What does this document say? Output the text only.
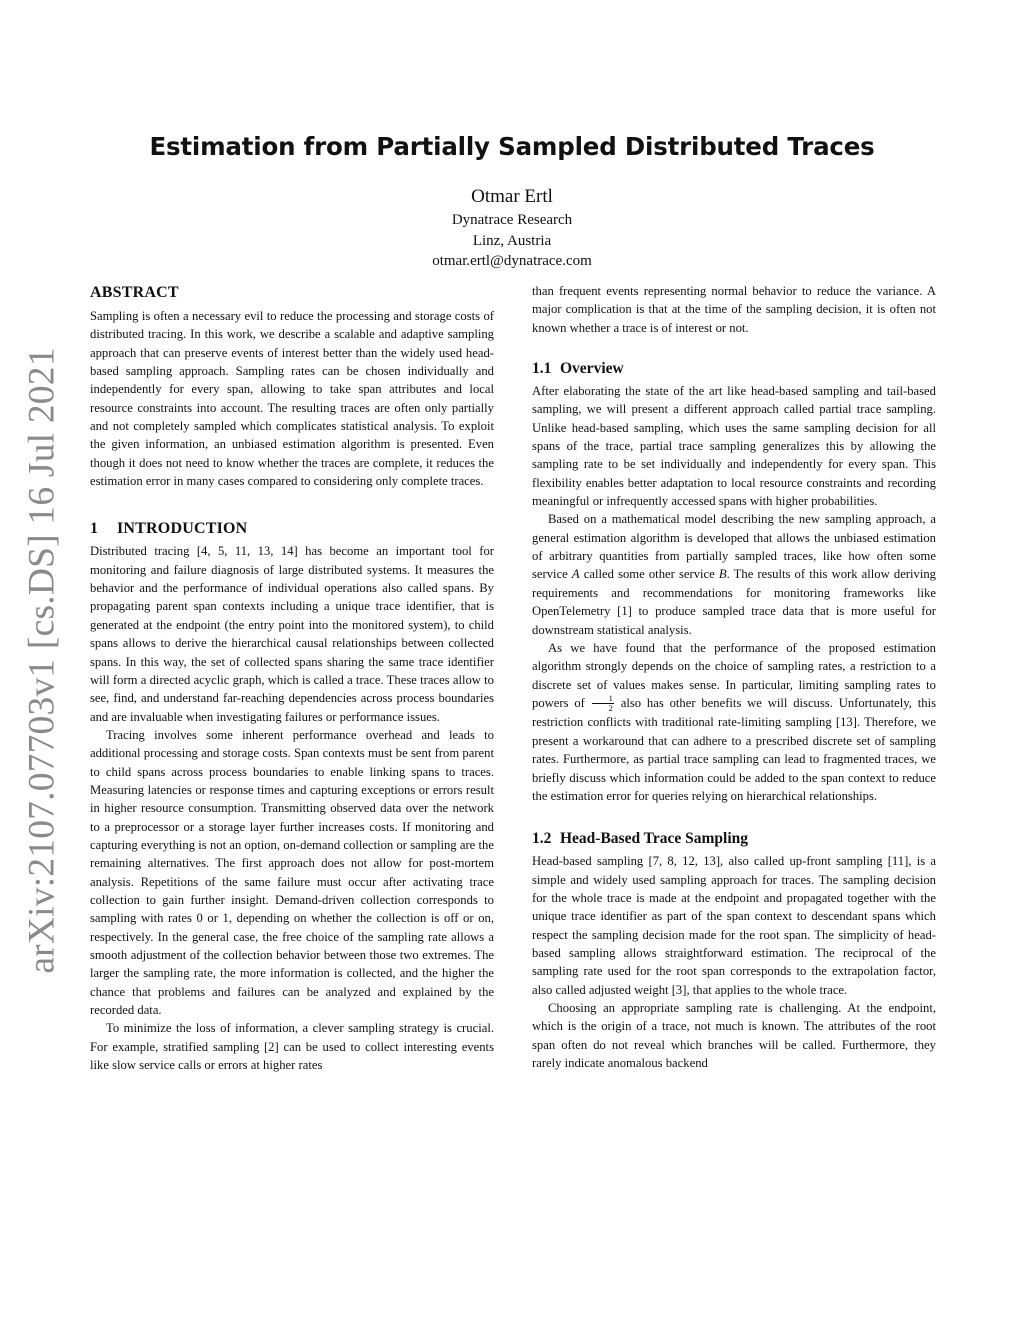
arXiv:2107.07703v1 [cs.DS] 16 Jul 2021
Estimation from Partially Sampled Distributed Traces
Otmar Ertl
Dynatrace Research
Linz, Austria
otmar.ertl@dynatrace.com
ABSTRACT

Sampling is often a necessary evil to reduce the processing and storage costs of distributed tracing. In this work, we describe a scalable and adaptive sampling approach that can preserve events of interest better than the widely used head-based sampling approach. Sampling rates can be chosen individually and independently for every span, allowing to take span attributes and local resource constraints into account. The resulting traces are often only partially and not completely sampled which complicates statistical analysis. To exploit the given information, an unbiased estimation algorithm is presented. Even though it does not need to know whether the traces are complete, it reduces the estimation error in many cases compared to considering only complete traces.

1 INTRODUCTION

Distributed tracing [4, 5, 11, 13, 14] has become an important tool for monitoring and failure diagnosis of large distributed systems. It measures the behavior and the performance of individual operations also called spans. By propagating parent span contexts including a unique trace identifier, that is generated at the endpoint (the entry point into the monitored system), to child spans allows to derive the hierarchical causal relationships between collected spans. In this way, the set of collected spans sharing the same trace identifier will form a directed acyclic graph, which is called a trace. These traces allow to see, find, and understand far-reaching dependencies across process boundaries and are invaluable when investigating failures or performance issues.

Tracing involves some inherent performance overhead and leads to additional processing and storage costs. Span contexts must be sent from parent to child spans across process boundaries to enable linking spans to traces. Measuring latencies or response times and capturing exceptions or errors result in higher resource consumption. Transmitting observed data over the network to a preprocessor or a storage layer further increases costs. If monitoring and capturing everything is not an option, on-demand collection or sampling are the remaining alternatives. The first approach does not allow for post-mortem analysis. Repetitions of the same failure must occur after activating trace collection to gain further insight. Demand-driven collection corresponds to sampling with rates 0 or 1, depending on whether the collection is off or on, respectively. In the general case, the free choice of the sampling rate allows a smooth adjustment of the collection behavior between those two extremes. The larger the sampling rate, the more information is collected, and the higher the chance that problems and failures can be analyzed and explained by the recorded data.

To minimize the loss of information, a clever sampling strategy is crucial. For example, stratified sampling [2] can be used to collect interesting events like slow service calls or errors at higher rates

than frequent events representing normal behavior to reduce the variance. A major complication is that at the time of the sampling decision, it is often not known whether a trace is of interest or not.

1.1 Overview

After elaborating the state of the art like head-based sampling and tail-based sampling, we will present a different approach called partial trace sampling. Unlike head-based sampling, which uses the same sampling decision for all spans of the trace, partial trace sampling generalizes this by allowing the sampling rate to be set individually and independently for every span. This flexibility enables better adaptation to local resource constraints and recording meaningful or infrequently accessed spans with higher probabilities.

Based on a mathematical model describing the new sampling approach, a general estimation algorithm is developed that allows the unbiased estimation of arbitrary quantities from partially sampled traces, like how often some service A called some other service B. The results of this work allow deriving requirements and recommendations for monitoring frameworks like OpenTelemetry [1] to produce sampled trace data that is more useful for downstream statistical analysis.

As we have found that the performance of the proposed estimation algorithm strongly depends on the choice of sampling rates, a restriction to a discrete set of values makes sense. In particular, limiting sampling rates to powers of $\frac{1}{2}$ also has other benefits we will discuss. Unfortunately, this restriction conflicts with traditional rate-limiting sampling [13]. Therefore, we present a workaround that can adhere to a prescribed discrete set of sampling rates. Furthermore, as partial trace sampling can lead to fragmented traces, we briefly discuss which information could be added to the span context to reduce the estimation error for queries relying on hierarchical relationships.

1.2 Head-Based Trace Sampling

Head-based sampling [7, 8, 12, 13], also called up-front sampling [11], is a simple and widely used sampling approach for traces. The sampling decision for the whole trace is made at the endpoint and propagated together with the unique trace identifier as part of the span context to descendant spans which respect the sampling decision made for the root span. The simplicity of head-based sampling allows straightforward estimation. The reciprocal of the sampling rate used for the root span corresponds to the extrapolation factor, also called adjusted weight [3], that applies to the whole trace.

Choosing an appropriate sampling rate is challenging. At the endpoint, which is the origin of a trace, not much is known. The attributes of the root span often do not reveal which branches will be called. Furthermore, they rarely indicate anomalous backend
